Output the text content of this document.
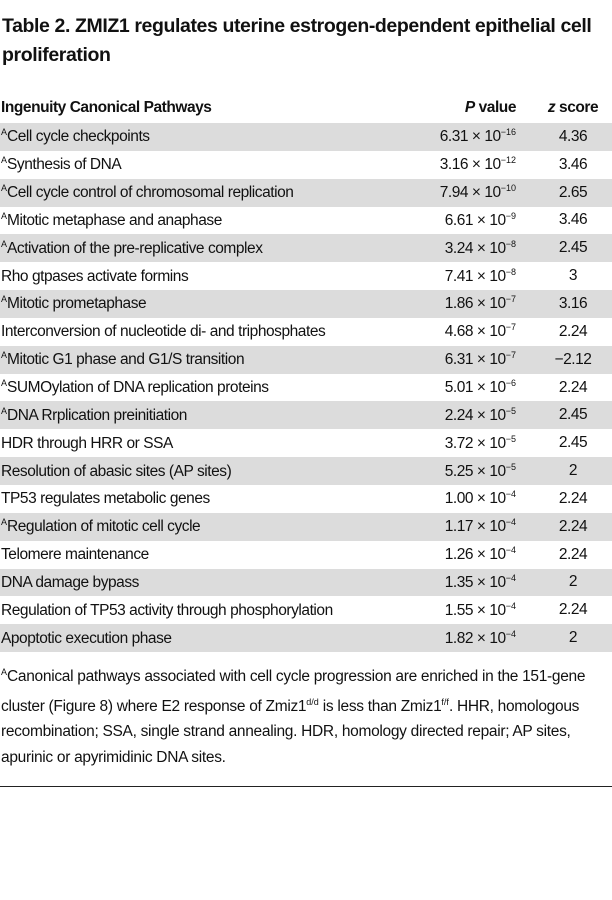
Table 2. ZMIZ1 regulates uterine estrogen-dependent epithelial cell proliferation
Ingenuity Canonical Pathways	P value	z score
$^A$Cell cycle checkpoints	$6.31 \times 10^{-16}$	4.36
$^A$Synthesis of DNA	$3.16 \times 10^{-12}$	3.46
$^A$Cell cycle control of chromosomal replication	$7.94 \times 10^{-10}$	2.65
$^A$Mitotic metaphase and anaphase	$6.61 \times 10^{-9}$	3.46
$^A$Activation of the pre-replicative complex	$3.24 \times 10^{-8}$	2.45
Rho gtpases activate formins	$7.41 \times 10^{-8}$	3
$^A$Mitotic prometaphase	$1.86 \times 10^{-7}$	3.16
Interconversion of nucleotide di- and triphosphates	$4.68 \times 10^{-7}$	2.24
$^A$Mitotic G1 phase and G1/S transition	$6.31 \times 10^{-7}$	−2.12
$^A$SUMOylation of DNA replication proteins	$5.01 \times 10^{-6}$	2.24
$^A$DNA Rrplication preinitiation	$2.24 \times 10^{-5}$	2.45
HDR through HRR or SSA	$3.72 \times 10^{-5}$	2.45
Resolution of abasic sites (AP sites)	$5.25 \times 10^{-5}$	2
TP53 regulates metabolic genes	$1.00 \times 10^{-4}$	2.24
$^A$Regulation of mitotic cell cycle	$1.17 \times 10^{-4}$	2.24
Telomere maintenance	$1.26 \times 10^{-4}$	2.24
DNA damage bypass	$1.35 \times 10^{-4}$	2
Regulation of TP53 activity through phosphorylation	$1.55 \times 10^{-4}$	2.24
Apoptotic execution phase	$1.82 \times 10^{-4}$	2
$^A$Canonical pathways associated with cell cycle progression are enriched in the 151-gene cluster (Figure 8) where E2 response of $Zmiz1^{d/d}$ is less than $Zmiz1^{f/f}$. HHR, homologous recombination; SSA, single strand annealing. HDR, homology directed repair; AP sites, apurinic or apyrimidinic DNA sites.
